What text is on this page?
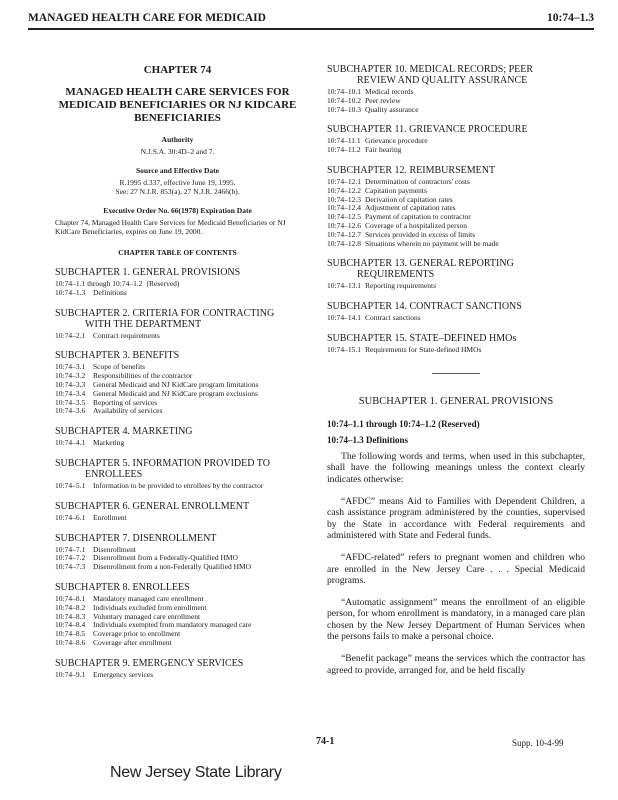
MANAGED HEALTH CARE FOR MEDICAID	10:74–1.3
CHAPTER 74
MANAGED HEALTH CARE SERVICES FOR MEDICAID BENEFICIARIES OR NJ KIDCARE BENEFICIARIES
Authority
N.J.S.A. 30:4D–2 and 7.
Source and Effective Date
R.1995 d.337, effective June 19, 1995.
See: 27 N.J.R. 853(a), 27 N.J.R. 2466(b).
Executive Order No. 66(1978) Expiration Date
Chapter 74, Managed Health Care Services for Medicaid Beneficiaries or NJ KidCare Beneficiaries, expires on June 19, 2000.
CHAPTER TABLE OF CONTENTS
SUBCHAPTER 1. GENERAL PROVISIONS
10:74–1.1 through 10:74–1.2 (Reserved)
10:74–1.3 Definitions
SUBCHAPTER 2. CRITERIA FOR CONTRACTING
WITH THE DEPARTMENT
10:74–2.1 Contract requirements
SUBCHAPTER 3. BENEFITS
10:74–3.1 Scope of benefits
10:74–3.2 Responsibilities of the contractor
10:74–3.3 General Medicaid and NJ KidCare program limitations
10:74–3.4 General Medicaid and NJ KidCare program exclusions
10:74–3.5 Reporting of services
10:74–3.6 Availability of services
SUBCHAPTER 4. MARKETING
10:74–4.1 Marketing
SUBCHAPTER 5. INFORMATION PROVIDED TO
ENROLLEES
10:74–5.1 Information to be provided to enrollees by the contractor
SUBCHAPTER 6. GENERAL ENROLLMENT
10:74–6.1 Enrollment
SUBCHAPTER 7. DISENROLLMENT
10:74–7.1 Disenrollment
10:74–7.2 Disenrollment from a Federally-Qualified HMO
10:74–7.3 Disenrollment from a non-Federally Qualified HMO
SUBCHAPTER 8. ENROLLEES
10:74–8.1 Mandatory managed care enrollment
10:74–8.2 Individuals excluded from enrollment
10:74–8.3 Voluntary managed care enrollment
10:74–8.4 Individuals exempted from mandatory managed care
10:74–8.5 Coverage prior to enrollment
10:74–8.6 Coverage after enrollment
SUBCHAPTER 9. EMERGENCY SERVICES
10:74–9.1 Emergency services
SUBCHAPTER 10. MEDICAL RECORDS; PEER
REVIEW AND QUALITY ASSURANCE
10:74–10.1 Medical records
10:74–10.2 Peer review
10:74–10.3 Quality assurance
SUBCHAPTER 11. GRIEVANCE PROCEDURE
10:74–11.1 Grievance procedure
10:74–11.2 Fair hearing
SUBCHAPTER 12. REIMBURSEMENT
10:74–12.1 Determination of contractors' costs
10:74–12.2 Capitation payments
10:74–12.3 Derivation of capitation rates
10:74–12.4 Adjustment of capitation rates
10:74–12.5 Payment of capitation to contractor
10:74–12.6 Coverage of a hospitalized person
10:74–12.7 Services provided in excess of limits
10:74–12.8 Situations wherein no payment will be made
SUBCHAPTER 13. GENERAL REPORTING
REQUIREMENTS
10:74–13.1 Reporting requirements
SUBCHAPTER 14. CONTRACT SANCTIONS
10:74–14.1 Contract sanctions
SUBCHAPTER 15. STATE–DEFINED HMOs
10:74–15.1 Requirements for State-defined HMOs
SUBCHAPTER 1. GENERAL PROVISIONS
10:74–1.1 through 10:74–1.2 (Reserved)
10:74–1.3 Definitions

The following words and terms, when used in this subchapter, shall have the following meanings unless the context clearly indicates otherwise:

“AFDC” means Aid to Families with Dependent Children, a cash assistance program administered by the counties, supervised by the State in accordance with Federal requirements and administered with State and Federal funds.

“AFDC-related” refers to pregnant women and children who are enrolled in the New Jersey Care . . . Special Medicaid programs.

“Automatic assignment” means the enrollment of an eligible person, for whom enrollment is mandatory, in a managed care plan chosen by the New Jersey Department of Human Services when the persons fails to make a personal choice.

“Benefit package” means the services which the contractor has agreed to provide, arranged for, and be held fiscally

74-1	Supp. 10-4-99
New Jersey State Library
